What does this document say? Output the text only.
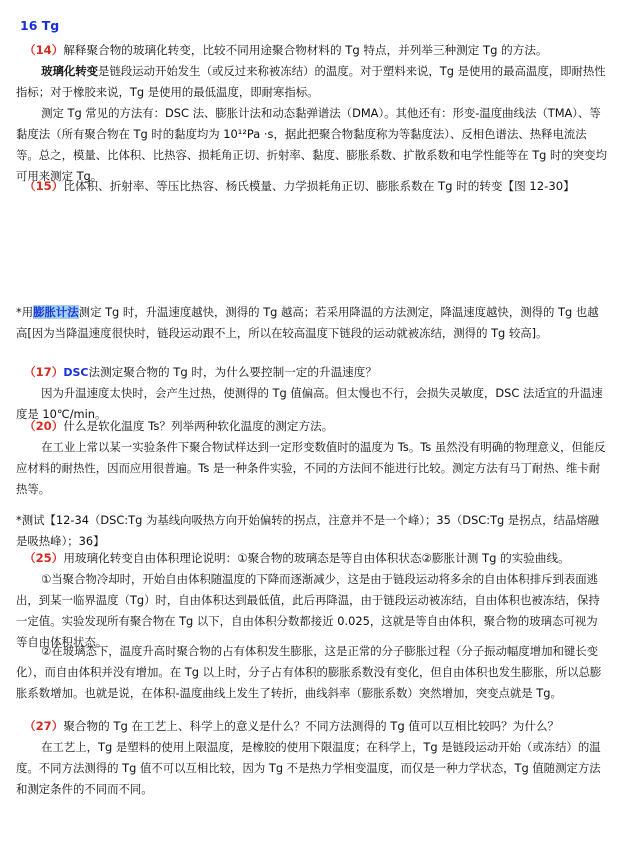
16 Tg
（14）解释聚合物的玻璃化转变，比较不同用途聚合物材料的 Tg 特点，并列举三种测定 Tg 的方法。
玻璃化转变是链段运动开始发生（或反过来称被冻结）的温度。对于塑料来说，Tg 是使用的最高温度，即耐热性指标；对于橡胶来说，Tg 是使用的最低温度，即耐寒指标。
测定 Tg 常见的方法有：DSC 法、膨胀计法和动态黏弹谱法（DMA）。其他还有：形变-温度曲线法（TMA）、等黏度法（所有聚合物在 Tg 时的黏度均为 10¹²Pa ·s，据此把聚合物黏度称为等黏度法）、反相色谱法、热释电流法等。总之，模量、比体积、比热容、损耗角正切、折射率、黏度、膨胀系数、扩散系数和电学性能等在 Tg 时的突变均可用来测定 Tg。
（15）比体积、折射率、等压比热容、杨氏模量、力学损耗角正切、膨胀系数在 Tg 时的转变【图 12-30】
*用膨胀计法测定 Tg 时，升温速度越快，测得的 Tg 越高；若采用降温的方法测定，降温速度越快，测得的 Tg 也越高[因为当降温速度很快时，链段运动跟不上，所以在较高温度下链段的运动就被冻结，测得的 Tg 较高]。
（17）DSC法测定聚合物的 Tg 时，为什么要控制一定的升温速度？
因为升温速度太快时，会产生过热，使测得的 Tg 值偏高。但太慢也不行，会损失灵敏度，DSC 法适宜的升温速度是 10℃/min。
（20）什么是软化温度 Ts？列举两种软化温度的测定方法。
在工业上常以某一实验条件下聚合物试样达到一定形变数值时的温度为 Ts。Ts 虽然没有明确的物理意义，但能反应材料的耐热性，因而应用很普遍。Ts 是一种条件实验，不同的方法间不能进行比较。测定方法有马丁耐热、维卡耐热等。
*测试【12-34（DSC:Tg 为基线向吸热方向开始偏转的拐点，注意并不是一个峰）；35（DSC:Tg 是拐点，结晶熔融是吸热峰）；36】
（25）用玻璃化转变自由体积理论说明：①聚合物的玻璃态是等自由体积状态②膨胀计测 Tg 的实验曲线。
①当聚合物冷却时，开始自由体积随温度的下降而逐渐减少，这是由于链段运动将多余的自由体积排斥到表面逃出，到某一临界温度（Tg）时，自由体积达到最低值，此后再降温，由于链段运动被冻结，自由体积也被冻结，保持一定值。实验发现所有聚合物在 Tg 以下，自由体积分数都接近 0.025，这就是等自由体积，聚合物的玻璃态可视为等自由体积状态。
②在玻璃态下，温度升高时聚合物的占有体积发生膨胀，这是正常的分子膨胀过程（分子振动幅度增加和键长变化），而自由体积并没有增加。在 Tg 以上时，分子占有体积的膨胀系数没有变化，但自由体积也发生膨胀，所以总膨胀系数增加。也就是说，在体积-温度曲线上发生了转折，曲线斜率（膨胀系数）突然增加，突变点就是 Tg。
（27）聚合物的 Tg 在工艺上、科学上的意义是什么？不同方法测得的 Tg 值可以互相比较吗？为什么？
在工艺上，Tg 是塑料的使用上限温度，是橡胶的使用下限温度；在科学上，Tg 是链段运动开始（或冻结）的温度。不同方法测得的 Tg 值不可以互相比较，因为 Tg 不是热力学相变温度，而仅是一种力学状态，Tg 值随测定方法和测定条件的不同而不同。
